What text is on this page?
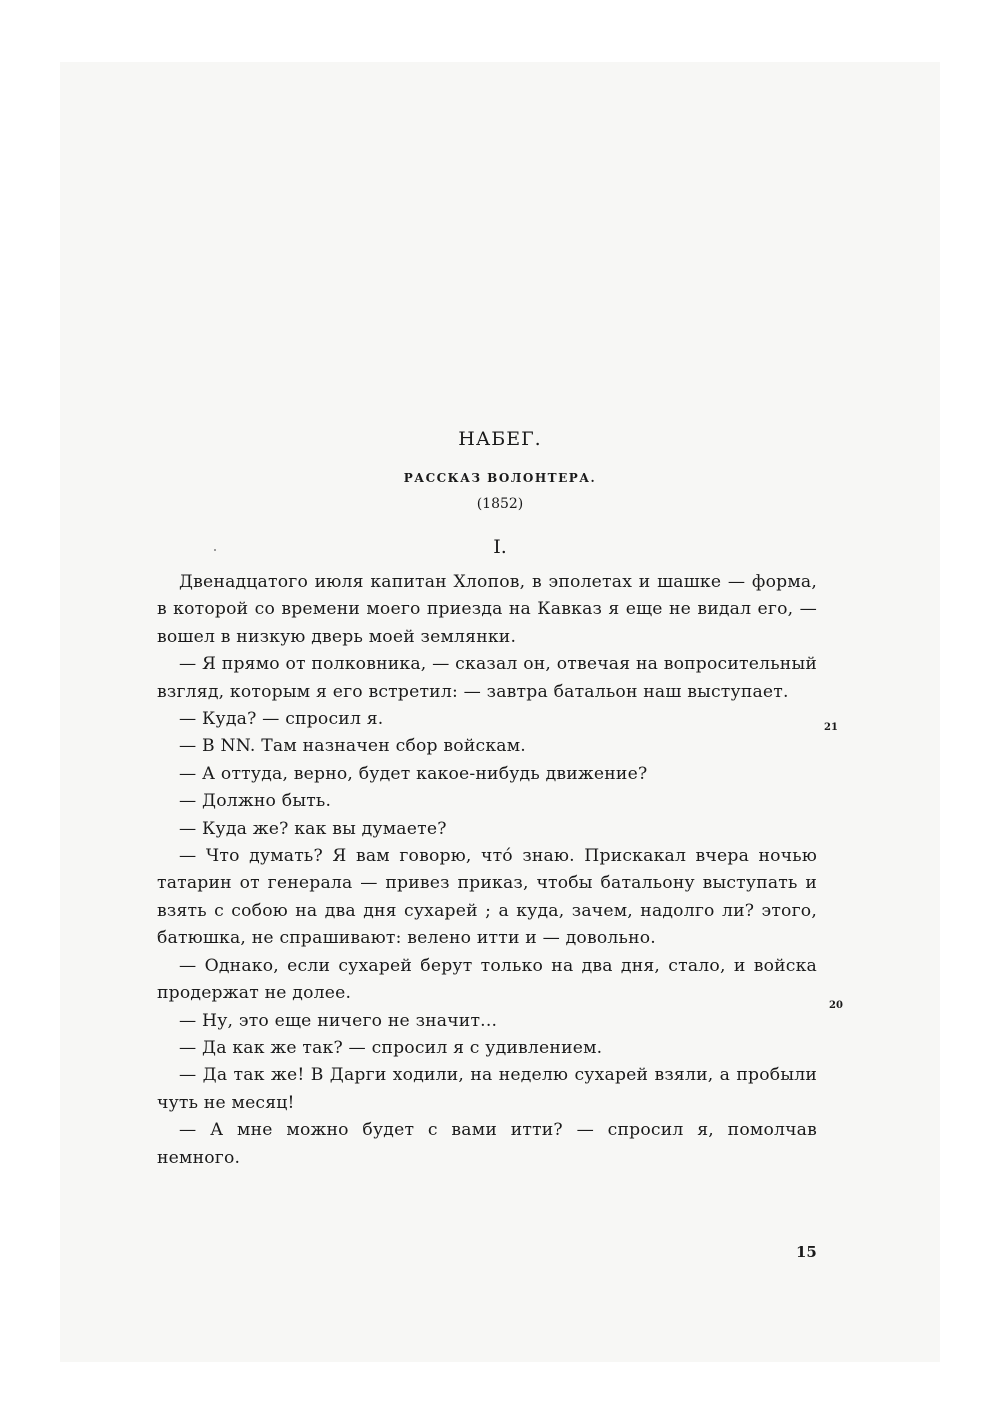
НАБЕГ.
РАССКАЗ ВОЛОНТЕРА.
(1852)
I.

Двенадцатого июля капитан Хлопов, в эполетах и шашке — форма, в которой со времени моего приезда на Кавказ я еще не видал его, — вошел в низкую дверь моей землянки.

— Я прямо от полковника, — сказал он, отвечая на вопросительный взгляд, которым я его встретил: — завтра батальон наш выступает.

— Куда? — спросил я.

— В NN. Там назначен сбор войскам.

— А оттуда, верно, будет какое-нибудь движение?

— Должно быть.

— Куда же? как вы думаете?

— Что думать? Я вам говорю, что́ знаю. Прискакал вчера ночью татарин от генерала — привез приказ, чтобы батальону выступать и взять с собою на два дня сухарей ; а куда, зачем, надолго ли? этого, батюшка, не спрашивают: велено итти и — довольно.

— Однако, если сухарей берут только на два дня, стало, и войска продержат не долее.

— Ну, это еще ничего не значит...

— Да как же так? — спросил я с удивлением.

— Да так же! В Дарги ходили, на неделю сухарей взяли, а пробыли чуть не месяц!

— А мне можно будет с вами итти? — спросил я, помолчав немного.

21
20
15
